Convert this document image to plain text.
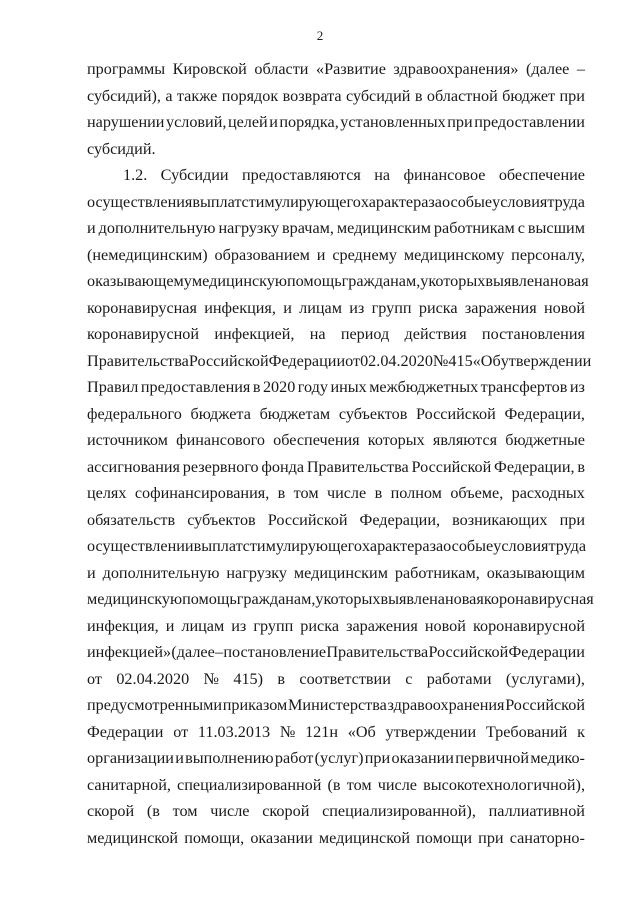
2
программы Кировской области «Развитие здравоохранения» (далее –
субсидий), а также порядок возврата субсидий в областной бюджет при
нарушении условий, целей и порядка, установленных при предоставлении
субсидий.
1.2. Субсидии предоставляются на финансовое обеспечение
осуществления выплат стимулирующего характера за особые условия труда
и дополнительную нагрузку врачам, медицинским работникам с высшим
(немедицинским) образованием и среднему медицинскому персоналу,
оказывающему медицинскую помощь гражданам, у которых выявлена новая
коронавирусная инфекция, и лицам из групп риска заражения новой
коронавирусной инфекцией, на период действия постановления
Правительства Российской Федерации от 02.04.2020 № 415 «Об утверждении
Правил предоставления в 2020 году иных межбюджетных трансфертов из
федерального бюджета бюджетам субъектов Российской Федерации,
источником финансового обеспечения которых являются бюджетные
ассигнования резервного фонда Правительства Российской Федерации, в
целях софинансирования, в том числе в полном объеме, расходных
обязательств субъектов Российской Федерации, возникающих при
осуществлении выплат стимулирующего характера за особые условия труда
и дополнительную нагрузку медицинским работникам, оказывающим
медицинскую помощь гражданам, у которых выявлена новая коронавирусная
инфекция, и лицам из групп риска заражения новой коронавирусной
инфекцией» (далее – постановление Правительства Российской Федерации
от 02.04.2020 № 415) в соответствии с работами (услугами),
предусмотренными приказом Министерства здравоохранения Российской
Федерации от 11.03.2013 № 121н «Об утверждении Требований к
организации и выполнению работ (услуг) при оказании первичной медико-
санитарной, специализированной (в том числе высокотехнологичной),
скорой (в том числе скорой специализированной), паллиативной
медицинской помощи, оказании медицинской помощи при санаторно-
